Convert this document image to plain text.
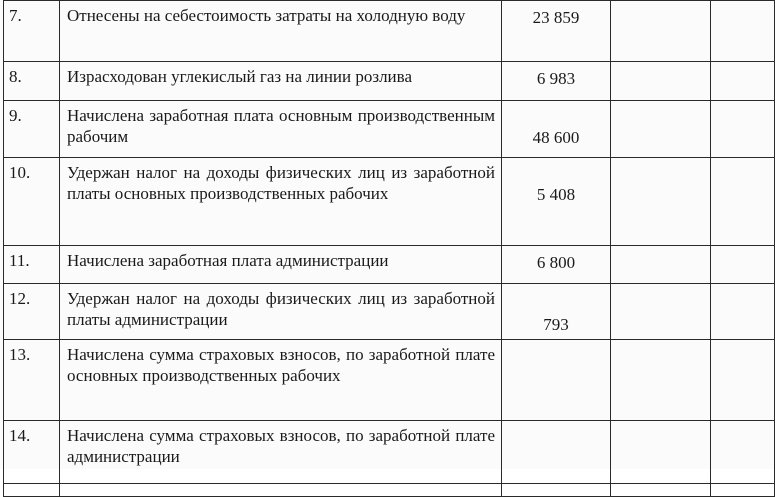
7.	Отнесены на себестоимость затраты на холодную воду	23 859		
8.	Израсходован углекислый газ на линии розлива	6 983		
9.	Начислена заработная плата основным производственным рабочим	48 600		
10.	Удержан налог на доходы физических лиц из заработной платы основных производственных рабочих	5 408		
11.	Начислена заработная плата администрации	6 800		
12.	Удержан налог на доходы физических лиц из заработной платы администрации	793		
13.	Начислена сумма страховых взносов, по заработной плате основных производственных рабочих			
14.	Начислена сумма страховых взносов, по заработной плате администрации			
